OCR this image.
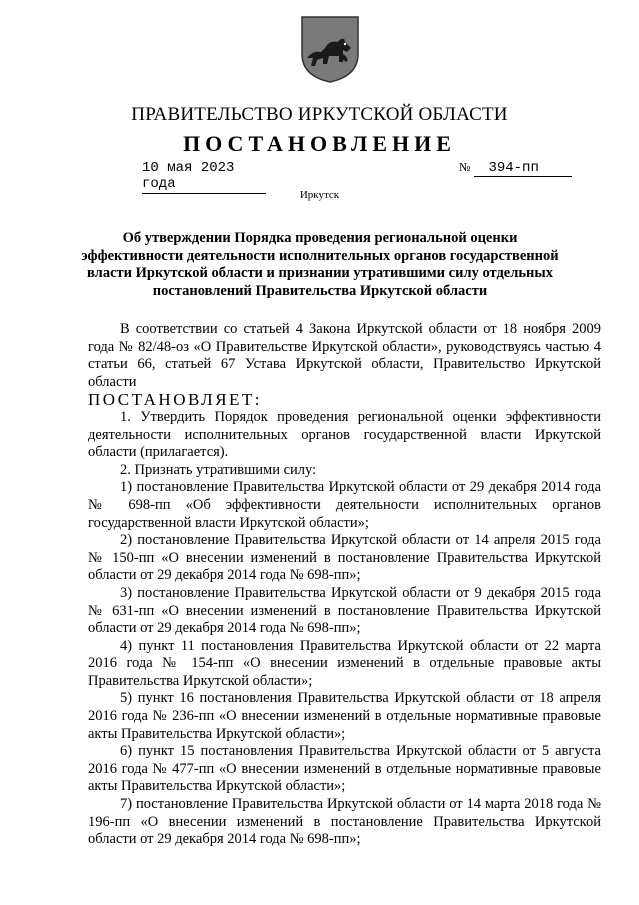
ПРАВИТЕЛЬСТВО ИРКУТСКОЙ ОБЛАСТИ
ПОСТАНОВЛЕНИЕ
10 мая 2023 года
№ 394-пп
Иркутск
Об утверждении Порядка проведения региональной оценки эффективности деятельности исполнительных органов государственной власти Иркутской области и признании утратившими силу отдельных постановлений Правительства Иркутской области

В соответствии со статьей 4 Закона Иркутской области от 18 ноября 2009 года № 82/48-оз «О Правительстве Иркутской области», руководствуясь частью 4 статьи 66, статьей 67 Устава Иркутской области, Правительство Иркутской области

ПОСТАНОВЛЯЕТ:

1. Утвердить Порядок проведения региональной оценки эффективности деятельности исполнительных органов государственной власти Иркутской области (прилагается).

2. Признать утратившими силу:

1) постановление Правительства Иркутской области от 29 декабря 2014 года № 698-пп «Об эффективности деятельности исполнительных органов государственной власти Иркутской области»;

2) постановление Правительства Иркутской области от 14 апреля 2015 года № 150-пп «О внесении изменений в постановление Правительства Иркутской области от 29 декабря 2014 года № 698-пп»;

3) постановление Правительства Иркутской области от 9 декабря 2015 года № 631-пп «О внесении изменений в постановление Правительства Иркутской области от 29 декабря 2014 года № 698-пп»;

4) пункт 11 постановления Правительства Иркутской области от 22 марта 2016 года № 154-пп «О внесении изменений в отдельные правовые акты Правительства Иркутской области»;

5) пункт 16 постановления Правительства Иркутской области от 18 апреля 2016 года № 236-пп «О внесении изменений в отдельные нормативные правовые акты Правительства Иркутской области»;

6) пункт 15 постановления Правительства Иркутской области от 5 августа 2016 года № 477-пп «О внесении изменений в отдельные нормативные правовые акты Правительства Иркутской области»;

7) постановление Правительства Иркутской области от 14 марта 2018 года № 196-пп «О внесении изменений в постановление Правительства Иркутской области от 29 декабря 2014 года № 698-пп»;
